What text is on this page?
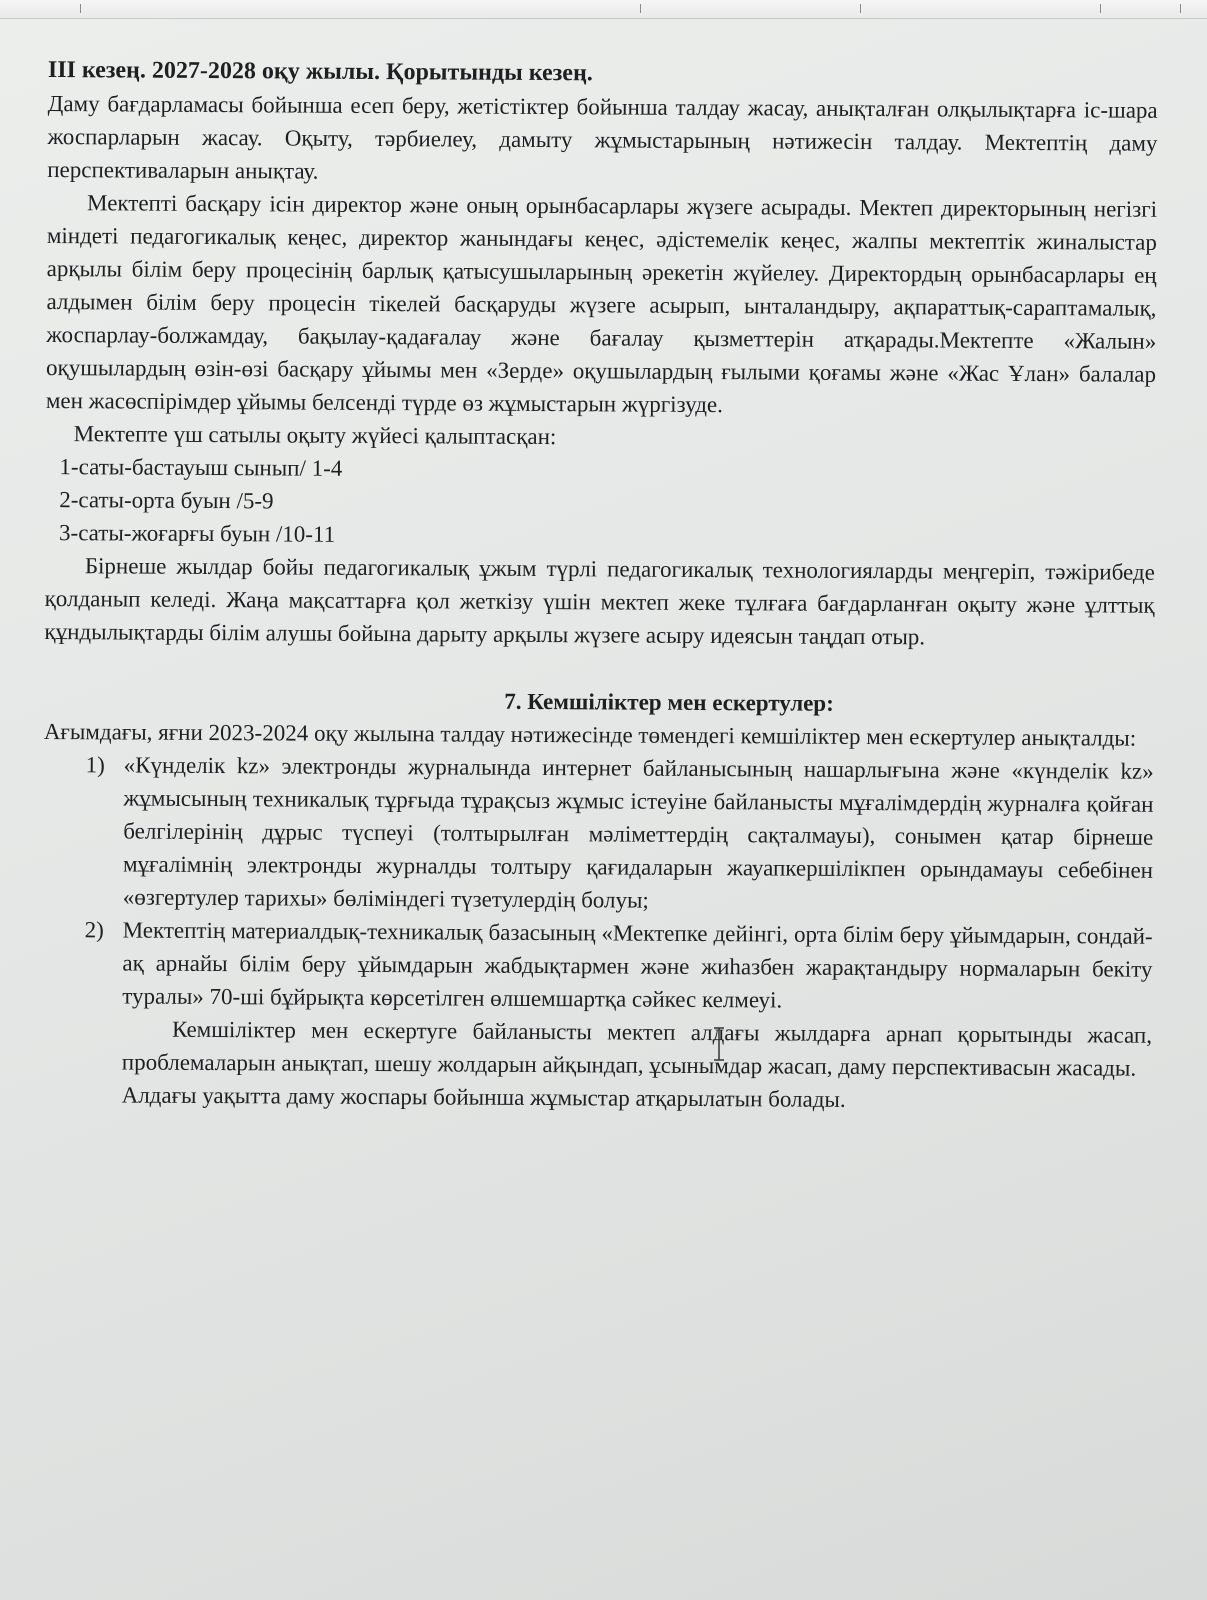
ІІІ кезең. 2027-2028 оқу жылы. Қорытынды кезең.

Даму бағдарламасы бойынша есеп беру, жетістіктер бойынша талдау жасау, анықталған олқылықтарға іс-шара жоспарларын жасау. Оқыту, тәрбиелеу, дамыту жұмыстарының нәтижесін талдау. Мектептің даму перспективаларын анықтау.

Мектепті басқару ісін директор және оның орынбасарлары жүзеге асырады. Мектеп директорының негізгі міндеті педагогикалық кеңес, директор жанындағы кеңес, әдістемелік кеңес, жалпы мектептік жиналыстар арқылы білім беру процесінің барлық қатысушыларының әрекетін жүйелеу. Директордың орынбасарлары ең алдымен білім беру процесін тікелей басқаруды жүзеге асырып, ынталандыру, ақпараттық-сараптамалық, жоспарлау-болжамдау, бақылау-қадағалау және бағалау қызметтерін атқарады.Мектепте «Жалын» оқушылардың өзін-өзі басқару ұйымы мен «Зерде» оқушылардың ғылыми қоғамы және «Жас Ұлан» балалар мен жасөспірімдер ұйымы белсенді түрде өз жұмыстарын жүргізуде.

Мектепте үш сатылы оқыту жүйесі қалыптасқан:

1-саты-бастауыш сынып/ 1-4

2-саты-орта буын /5-9

3-саты-жоғарғы буын /10-11

Бірнеше жылдар бойы педагогикалық ұжым түрлі педагогикалық технологияларды меңгеріп, тәжірибеде қолданып келеді. Жаңа мақсаттарға қол жеткізу үшін мектеп жеке тұлғаға бағдарланған оқыту және ұлттық құндылықтарды білім алушы бойына дарыту арқылы жүзеге асыру идеясын таңдап отыр.

7. Кемшіліктер мен ескертулер:

Ағымдағы, яғни 2023-2024 оқу жылына талдау нәтижесінде төмендегі кемшіліктер мен ескертулер анықталды:

1) «Күнделік kz» электронды журналында интернет байланысының нашарлығына және «күнделік kz» жұмысының техникалық тұрғыда тұрақсыз жұмыс істеуіне байланысты мұғалімдердің журналға қойған белгілерінің дұрыс түспеуі (толтырылған мәліметтердің сақталмауы), сонымен қатар бірнеше мұғалімнің электронды журналды толтыру қағидаларын жауапкершілікпен орындамауы себебінен «өзгертулер тарихы» бөліміндегі түзетулердің болуы;
2) Мектептің материалдық-техникалық базасының «Мектепке дейінгі, орта білім беру ұйымдарын, сондай-ақ арнайы білім беру ұйымдарын жабдықтармен және жиһазбен жарақтандыру нормаларын бекіту туралы» 70-ші бұйрықта көрсетілген өлшемшартқа сәйкес келмеуі.

Кемшіліктер мен ескертуге байланысты мектеп алдағы жылдарға арнап қорытынды жасап, проблемаларын анықтап, шешу жолдарын айқындап, ұсынымдар жасап, даму перспективасын жасады.

Алдағы уақытта даму жоспары бойынша жұмыстар атқарылатын болады.
